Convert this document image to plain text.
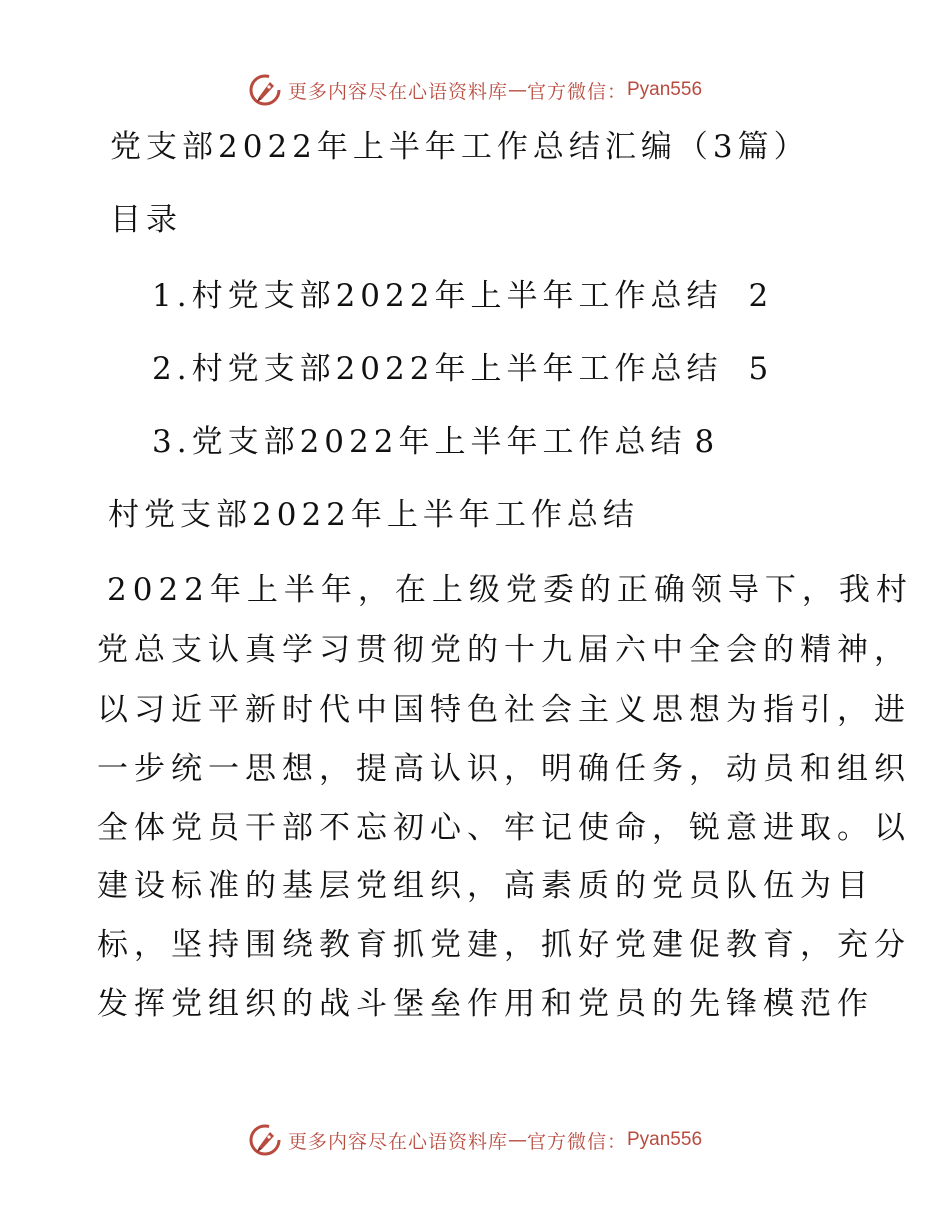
更多内容尽在心语资料库 — 官方微信： Pyan556
党支部2022年上半年工作总结汇编（3篇）
目录
1.村党支部2022年上半年工作总结 2
2.村党支部2022年上半年工作总结 5
3.党支部2022年上半年工作总结 8
村党支部2022年上半年工作总结
2022年上半年，在上级党委的正确领导下，我村
党总支认真学习贯彻党的十九届六中全会的精神，
以习近平新时代中国特色社会主义思想为指引，进
一步统一思想，提高认识，明确任务，动员和组织
全体党员干部不忘初心、牢记使命，锐意进取。以
建设标准的基层党组织，高素质的党员队伍为目
标，坚持围绕教育抓党建，抓好党建促教育，充分
发挥党组织的战斗堡垒作用和党员的先锋模范作
更多内容尽在心语资料库 — 官方微信： Pyan556
